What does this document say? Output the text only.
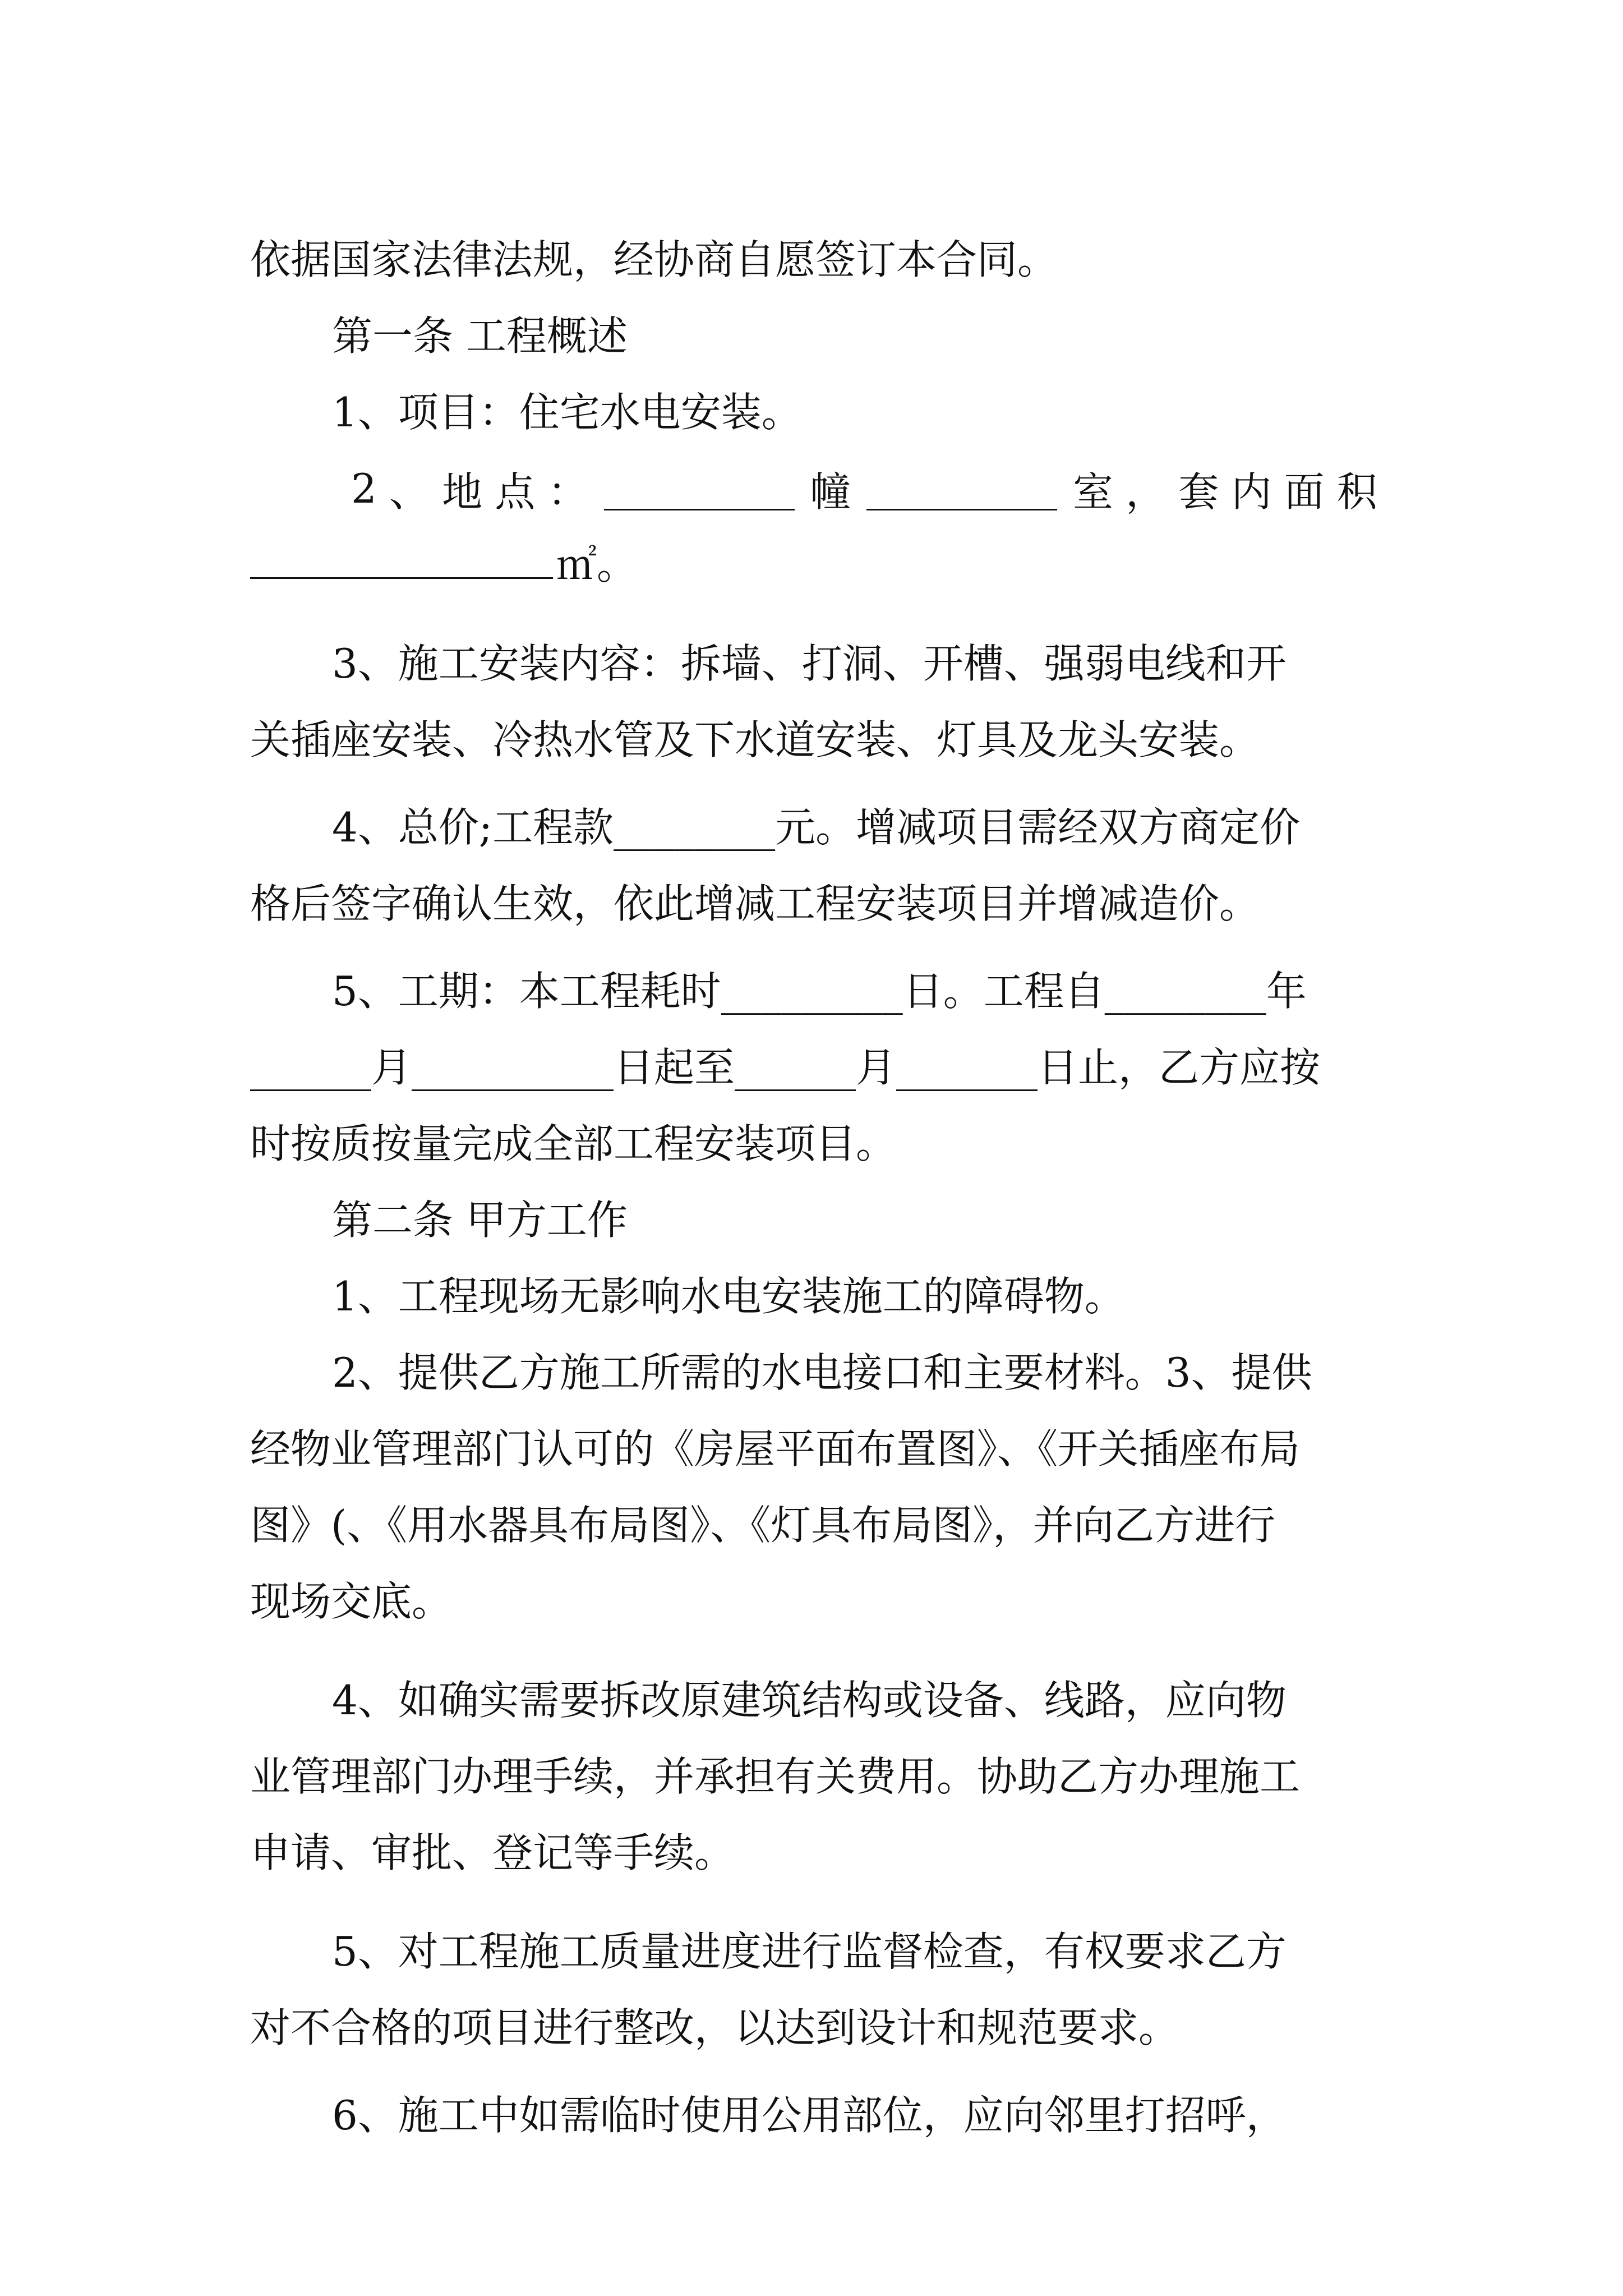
依据国家法律法规，经协商自愿签订本合同。
第一条 工程概述
1、项目：住宅水电安装。
2 、 地 点 ：	幢	室 ， 套 内 面 积
㎡。
3、施工安装内容：拆墙、打洞、开槽、强弱电线和开
关插座安装、冷热水管及下水道安装、灯具及龙头安装。
4、总价;工程款________元。增减项目需经双方商定价
格后签字确认生效，依此增减工程安装项目并增减造价。
5、工期：本工程耗时_________日。工程自________年
______月__________日起至______月_______日止，乙方应按
时按质按量完成全部工程安装项目。
第二条 甲方工作
1、工程现场无影响水电安装施工的障碍物。
2、提供乙方施工所需的水电接口和主要材料。3、提供
经物业管理部门认可的《房屋平面布置图》、《开关插座布局
图》(、《用水器具布局图》、《灯具布局图》，并向乙方进行
现场交底。
4、如确实需要拆改原建筑结构或设备、线路，应向物
业管理部门办理手续，并承担有关费用。协助乙方办理施工
申请、审批、登记等手续。
5、对工程施工质量进度进行监督检查，有权要求乙方
对不合格的项目进行整改，以达到设计和规范要求。
6、施工中如需临时使用公用部位，应向邻里打招呼，
